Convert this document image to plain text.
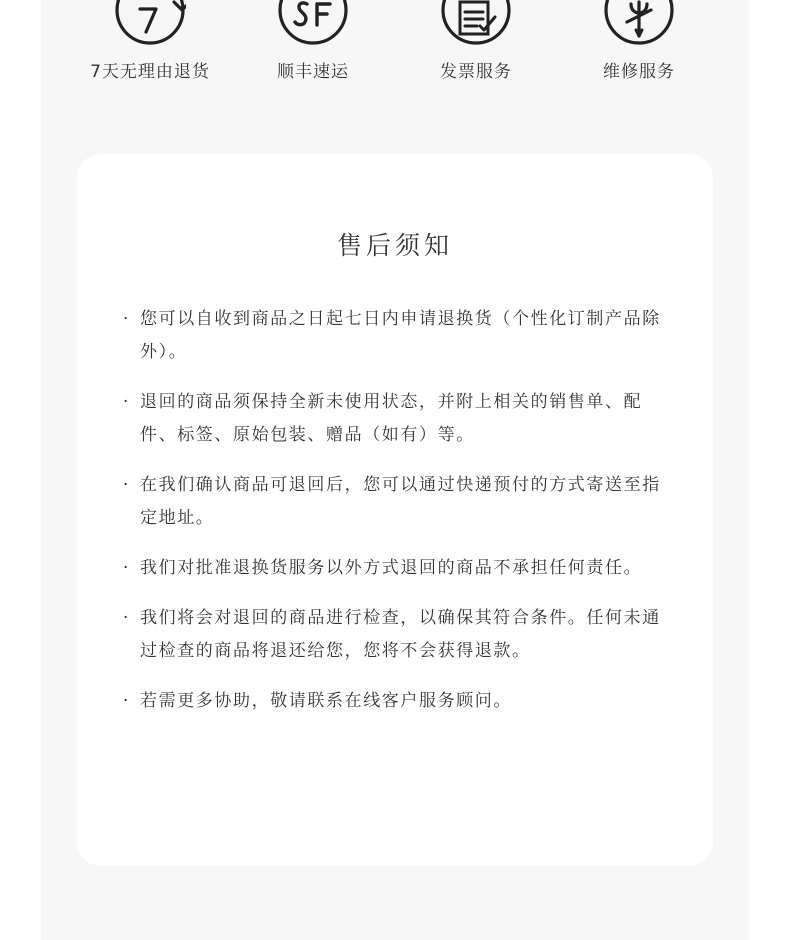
7天无理由退货	顺丰速运	发票服务	维修服务
售后须知
· 您可以自收到商品之日起七日内申请退换货（个性化订制产品除外）。
· 退回的商品须保持全新未使用状态，并附上相关的销售单、配件、标签、原始包装、赠品（如有）等。
· 在我们确认商品可退回后，您可以通过快递预付的方式寄送至指定地址。
· 我们对批准退换货服务以外方式退回的商品不承担任何责任。
· 我们将会对退回的商品进行检查，以确保其符合条件。任何未通过检查的商品将退还给您，您将不会获得退款。
· 若需更多协助，敬请联系在线客户服务顾问。
